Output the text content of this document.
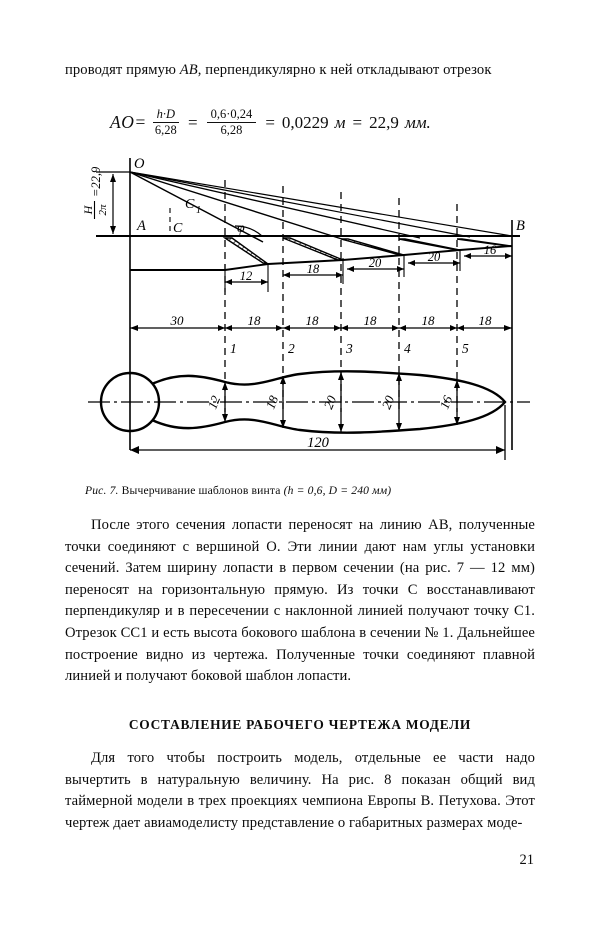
проводят прямую AB, перпендикулярно к ней откладывают отрезок
$AO= \frac{h\cdot D}{6,28} = \frac{0,6\cdot 0,24}{6,28} = 0,0229$ м = 22,9 мм.
H 2π
=22,9
12	18	20	20	16
30	18	18	18	18	18
1	2	3	4	5
12	18	20	20	16
120
O
A	B
C
C 1
φ
Рис. 7. Вычерчивание шаблонов винта (h = 0,6, D = 240 мм)
После этого сечения лопасти переносят на линию AB, полученные точки соединяют с вершиной O. Эти линии дают нам углы установки сечений. Затем ширину лопасти в первом сечении (на рис. 7 — 12 мм) переносят на горизонтальную прямую. Из точки C восстанавливают перпендикуляр и в пересечении с наклонной линией получают точку C1. Отрезок CC1 и есть высота бокового шаблона в сечении № 1. Дальнейшее построение видно из чертежа. Полученные точки соединяют плавной линией и получают боковой шаблон лопасти.
СОСТАВЛЕНИЕ РАБОЧЕГО ЧЕРТЕЖА МОДЕЛИ
Для того чтобы построить модель, отдельные ее части надо вычертить в натуральную величину. На рис. 8 показан общий вид таймерной модели в трех проекциях чемпиона Европы В. Петухова. Этот чертеж дает авиамоделисту представление о габаритных размерах моде-
21
